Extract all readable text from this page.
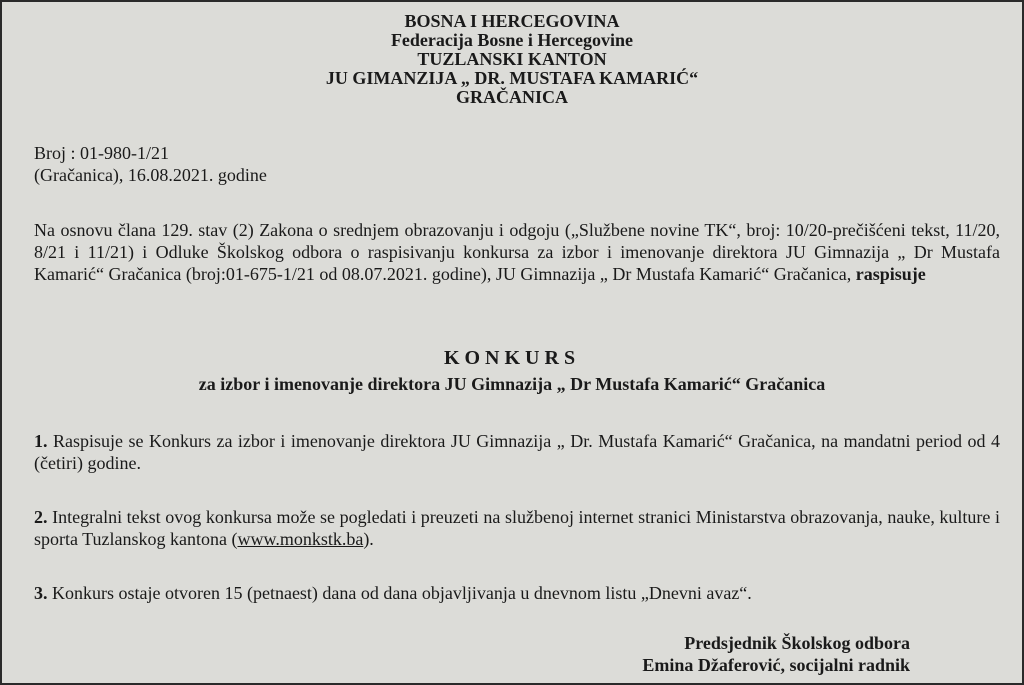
BOSNA I HERCEGOVINA
Federacija Bosne i Hercegovine
TUZLANSKI KANTON
JU GIMANZIJA „ DR. MUSTAFA KAMARIĆ“
GRAČANICA
Broj : 01-980-1/21
(Gračanica), 16.08.2021. godine
Na osnovu člana 129. stav (2) Zakona o srednjem obrazovanju i odgoju („Službene novine TK“, broj: 10/20-prečišćeni tekst, 11/20, 8/21 i 11/21) i Odluke Školskog odbora o raspisivanju konkursa za izbor i imenovanje direktora JU Gimnazija „ Dr Mustafa Kamarić“ Gračanica (broj:01-675-1/21 od 08.07.2021. godine), JU Gimnazija „ Dr Mustafa Kamarić“ Gračanica, raspisuje
KONKURS
za izbor i imenovanje direktora JU Gimnazija „ Dr Mustafa Kamarić“ Gračanica
1. Raspisuje se Konkurs za izbor i imenovanje direktora JU Gimnazija „ Dr. Mustafa Kamarić“ Gračanica, na mandatni period od 4 (četiri) godine.
2. Integralni tekst ovog konkursa može se pogledati i preuzeti na službenoj internet stranici Ministarstva obrazovanja, nauke, kulture i sporta Tuzlanskog kantona (www.monkstk.ba).
3. Konkurs ostaje otvoren 15 (petnaest) dana od dana objavljivanja u dnevnom listu „Dnevni avaz“.
Predsjednik Školskog odbora
Emina Džaferović, socijalni radnik
